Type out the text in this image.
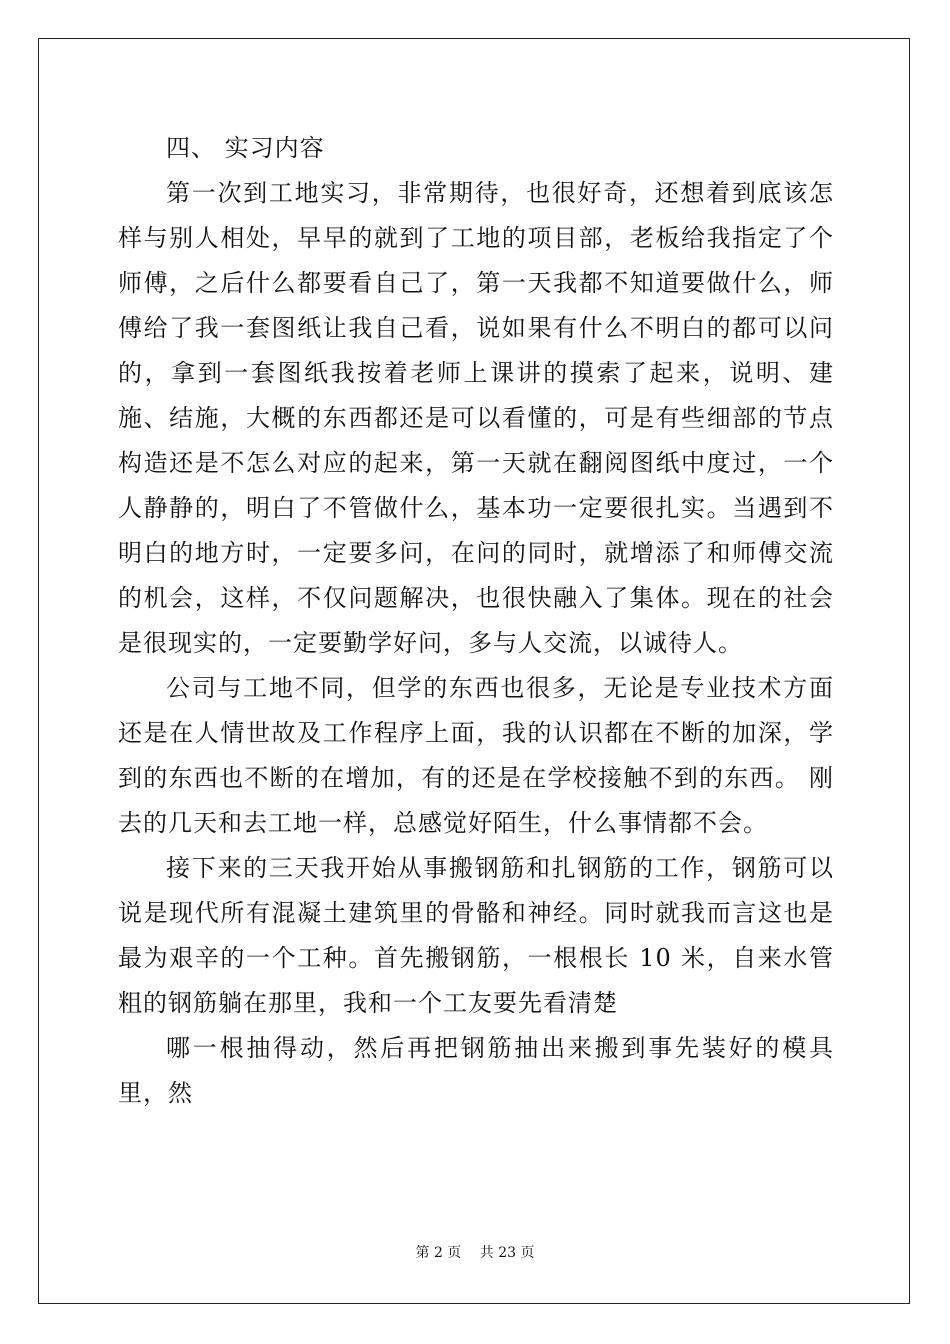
四、 实习内容

第一次到工地实习，非常期待，也很好奇，还想着到底该怎样与别人相处，早早的就到了工地的项目部，老板给我指定了个师傅，之后什么都要看自己了，第一天我都不知道要做什么，师傅给了我一套图纸让我自己看，说如果有什么不明白的都可以问的，拿到一套图纸我按着老师上课讲的摸索了起来，说明、建施、结施，大概的东西都还是可以看懂的，可是有些细部的节点构造还是不怎么对应的起来，第一天就在翻阅图纸中度过，一个人静静的，明白了不管做什么，基本功一定要很扎实。当遇到不明白的地方时，一定要多问，在问的同时，就增添了和师傅交流的机会，这样，不仅问题解决，也很快融入了集体。现在的社会是很现实的，一定要勤学好问，多与人交流，以诚待人。

公司与工地不同，但学的东西也很多，无论是专业技术方面还是在人情世故及工作程序上面，我的认识都在不断的加深，学到的东西也不断的在增加，有的还是在学校接触不到的东西。 刚去的几天和去工地一样，总感觉好陌生，什么事情都不会。

接下来的三天我开始从事搬钢筋和扎钢筋的工作，钢筋可以说是现代所有混凝土建筑里的骨骼和神经。同时就我而言这也是最为艰辛的一个工种。首先搬钢筋，一根根长 10 米，自来水管粗的钢筋躺在那里，我和一个工友要先看清楚

哪一根抽得动，然后再把钢筋抽出来搬到事先装好的模具里，然

第 2 页　 共 23 页
